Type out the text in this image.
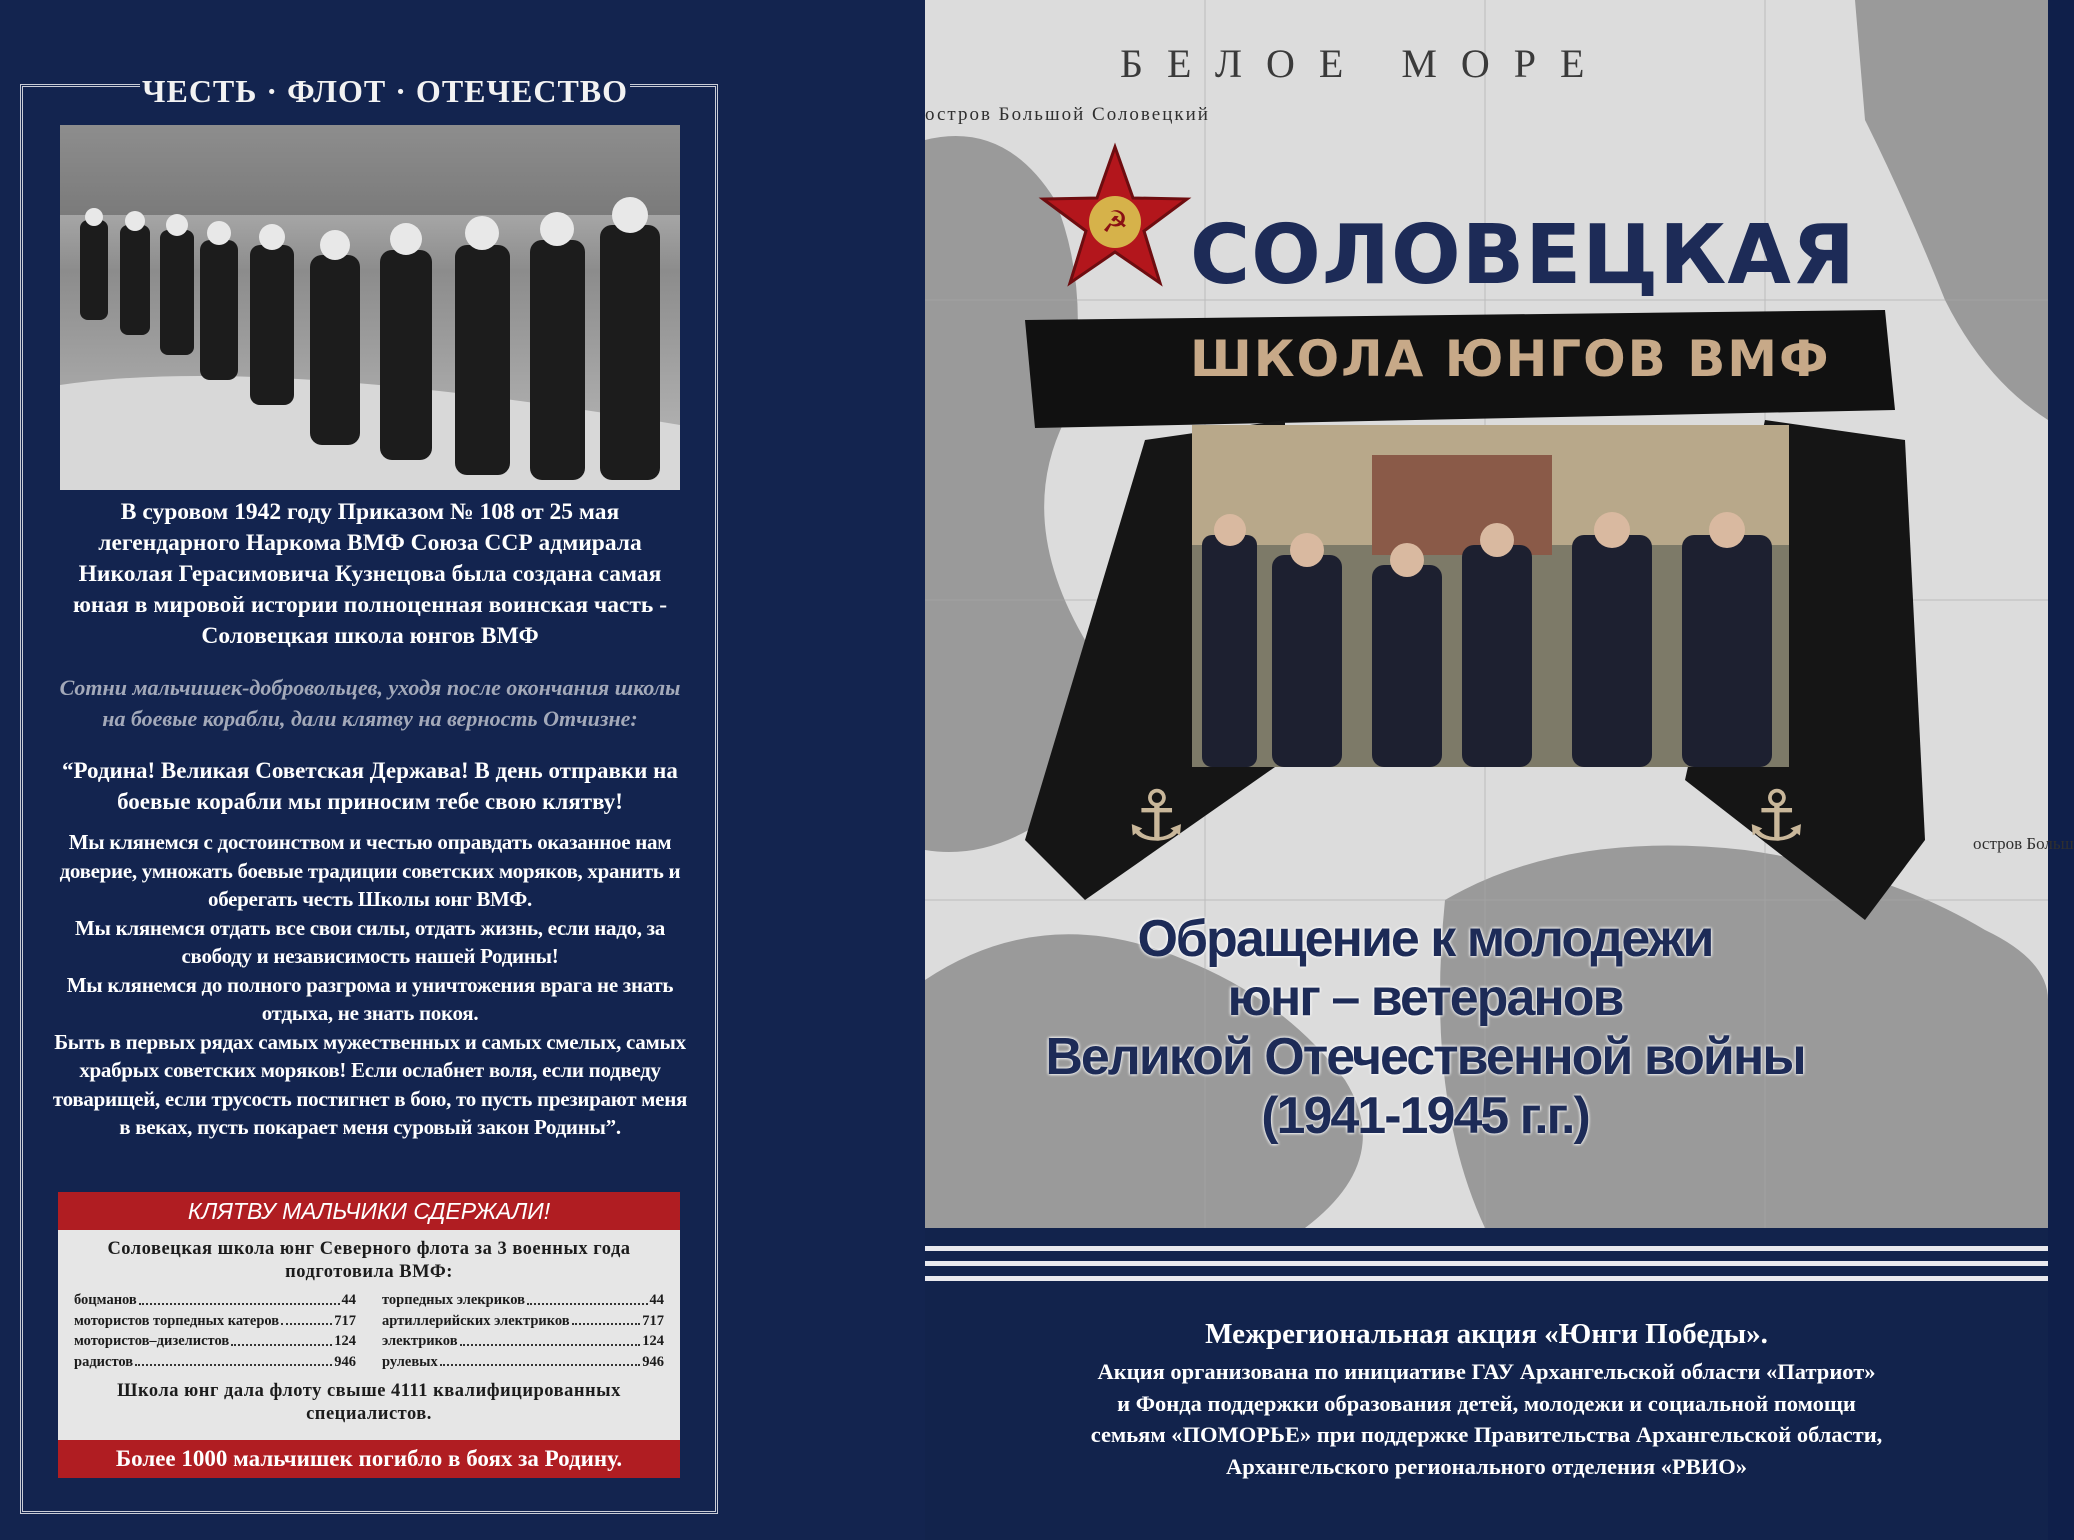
ЧЕСТЬ · ФЛОТ · ОТЕЧЕСТВО
В суровом 1942 году Приказом № 108 от 25 мая легендарного Наркома ВМФ Союза ССР адмирала Николая Герасимовича Кузнецова была создана самая юная в мировой истории полноценная воинская часть - Соловецкая школа юнгов ВМФ
Сотни мальчишек-добровольцев, уходя после окончания школы на боевые корабли, дали клятву на верность Отчизне:
“Родина! Великая Советская Держава! В день отправки на боевые корабли мы приносим тебе свою клятву!

Мы клянемся с достоинством и честью оправдать оказанное нам доверие, умножать боевые традиции советских моряков, хранить и оберегать честь Школы юнг ВМФ.

Мы клянемся отдать все свои силы, отдать жизнь, если надо, за свободу и независимость нашей Родины!

Мы клянемся до полного разгрома и уничтожения врага не знать отдыха, не знать покоя.

Быть в первых рядах самых мужественных и самых смелых, самых храбрых советских моряков! Если ослабнет воля, если подведу товарищей, если трусость постигнет в бою, то пусть презирают меня в веках, пусть покарает меня суровый закон Родины”.

КЛЯТВУ МАЛЬЧИКИ СДЕРЖАЛИ!
Соловецкая школа юнг Северного флота за 3 военных года подготовила ВМФ:
боцманов	44 торпедных элекриков	44
мотористов торпедных катеров	717 артиллерийских электриков	717
мотористов–дизелистов	124 электриков	124
радистов	946 рулевых	946
Школа юнг дала флоту свыше 4111 квалифицированных специалистов.
Более 1000 мальчишек погибло в боях за Родину.
☭
БЕЛОЕ МОРЕ
остров Большой Соловецкий
остров Больш
СОЛОВЕЦКАЯ
⚓	⚓
ШКОЛА ЮНГОВ ВМФ
Обращение к молодежи
юнг – ветеранов
Великой Отечественной войны
(1941-1945 г.г.)
Межрегиональная акция «Юнги Победы».

Акция организована по инициативе ГАУ Архангельской области «Патриот»

и Фонда поддержки образования детей, молодежи и социальной помощи

семьям «ПОМОРЬЕ» при поддержке Правительства Архангельской области,

Архангельского регионального отделения «РВИО»
